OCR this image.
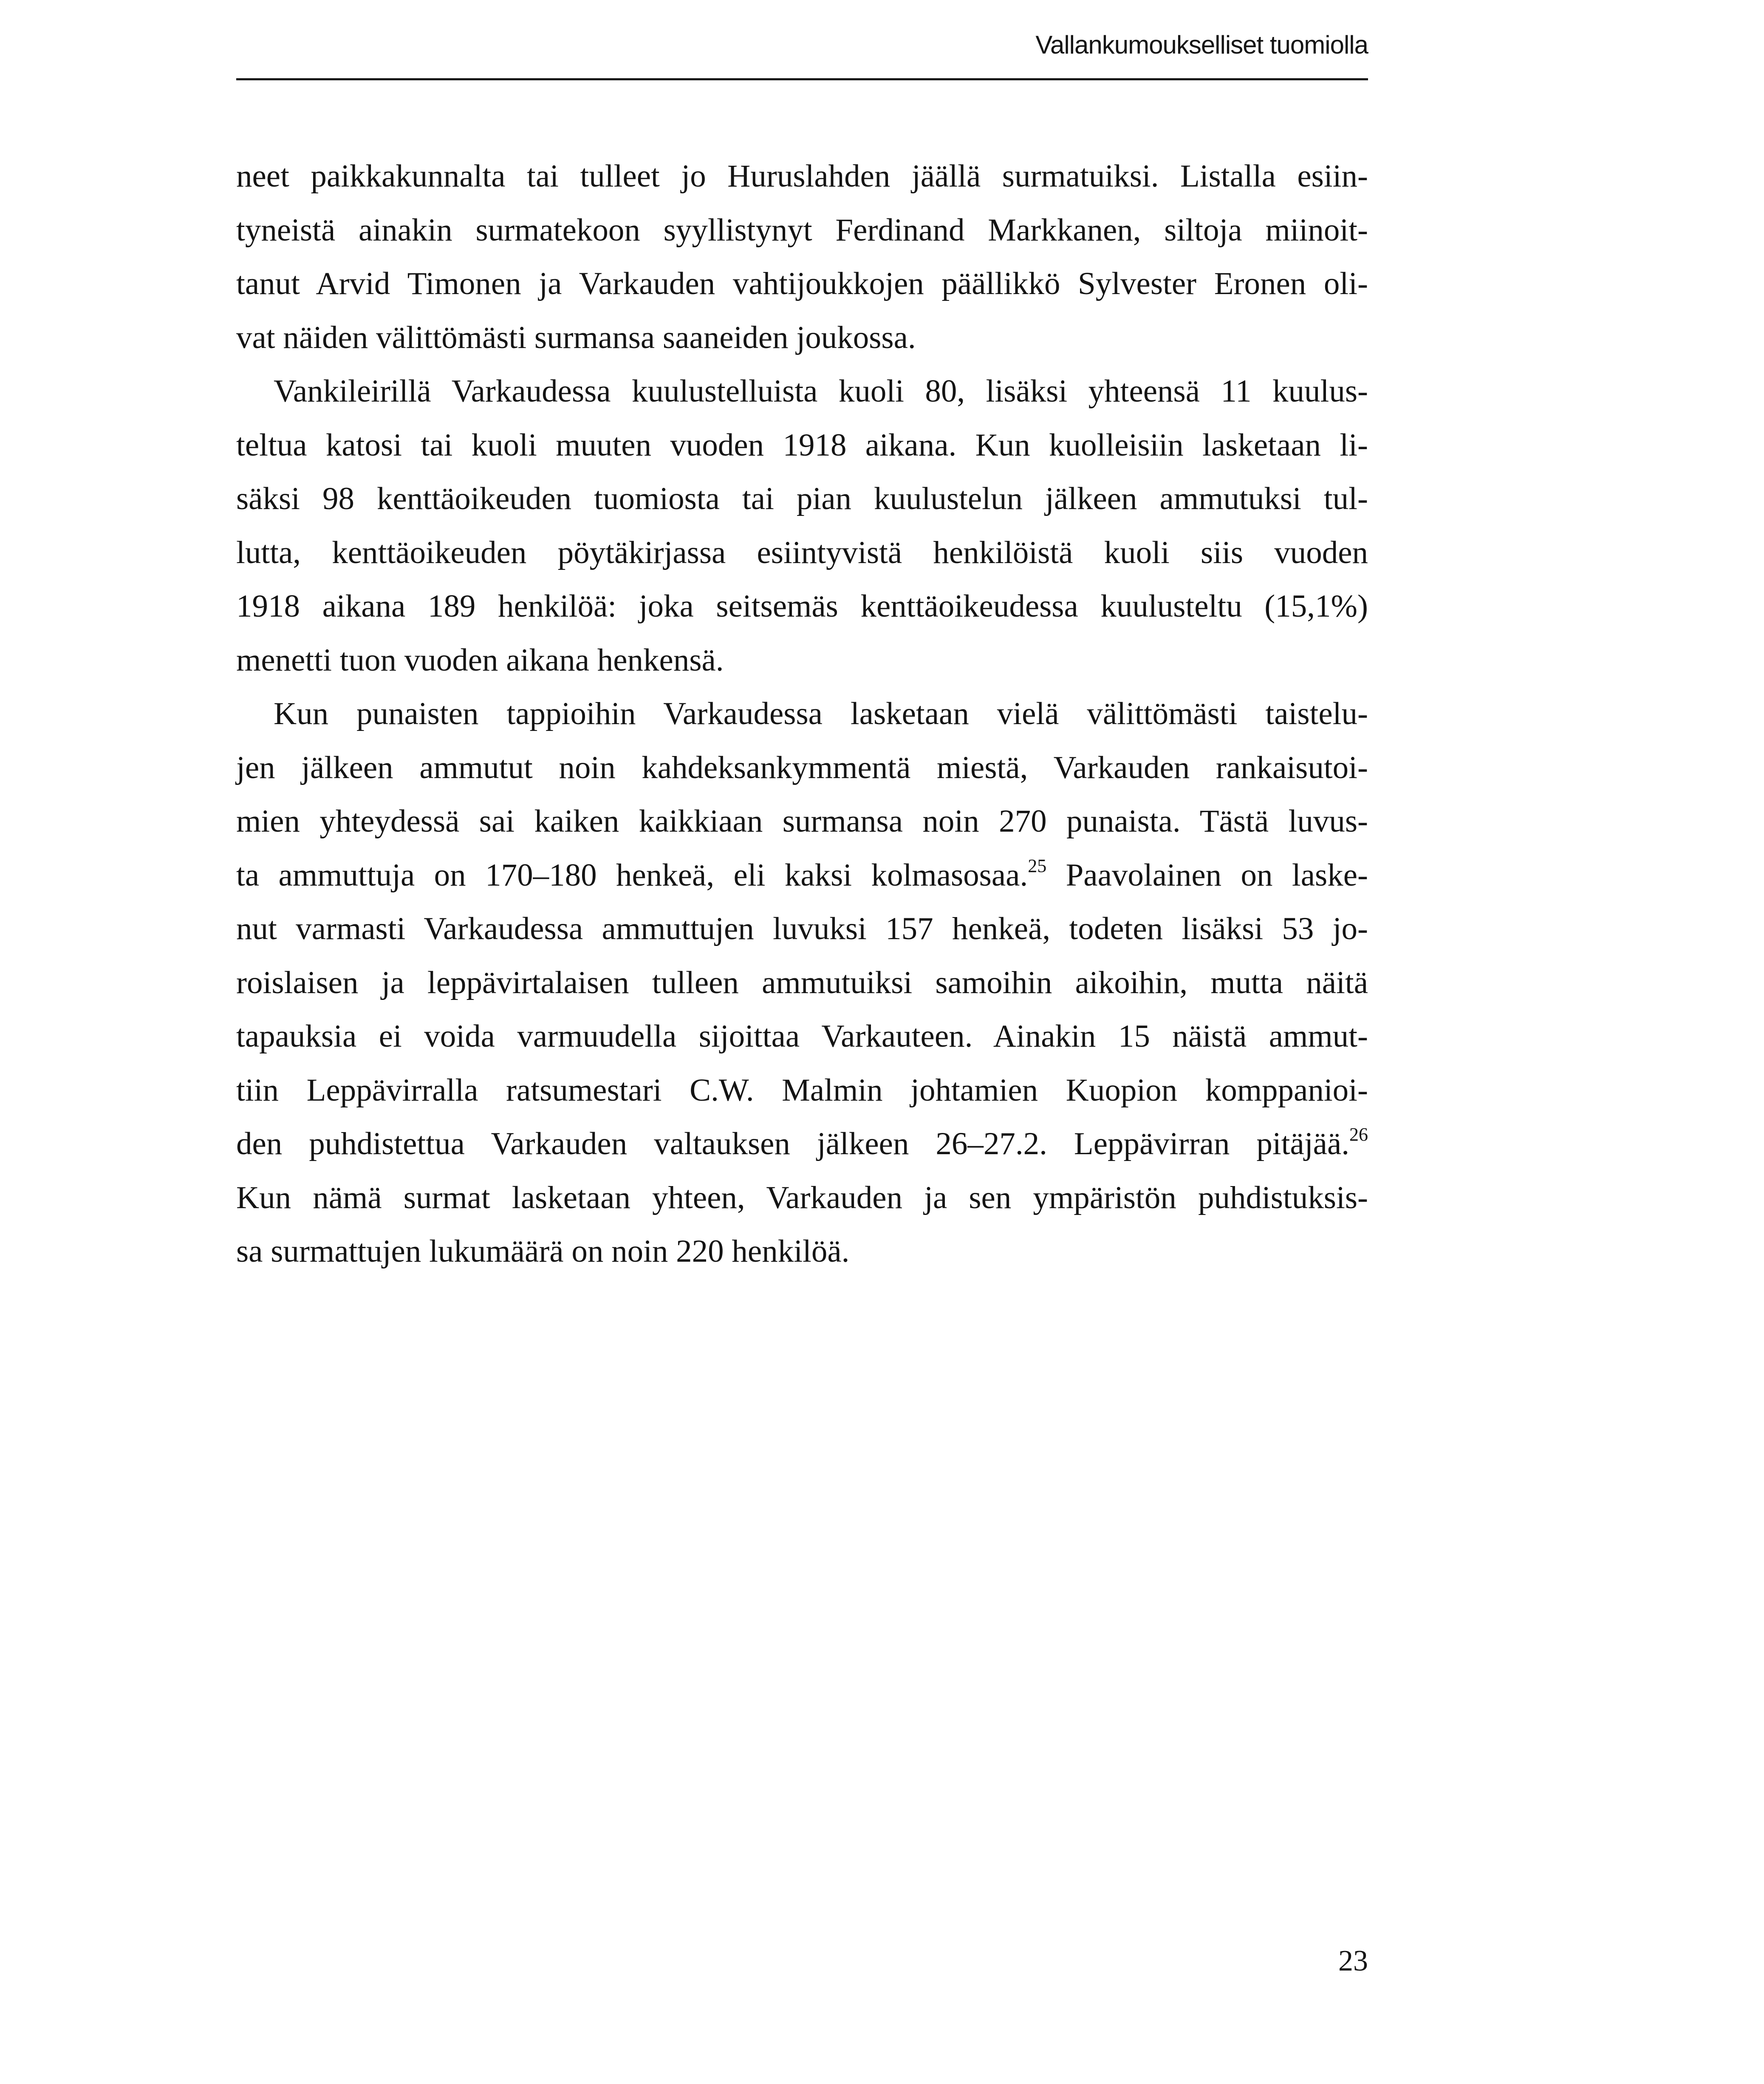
Vallankumoukselliset tuomiolla

neet paikkakunnalta tai tulleet jo Huruslahden jäällä surmatuiksi. Listalla esiin-
tyneistä ainakin surmatekoon syyllistynyt Ferdinand Markkanen, siltoja miinoit-
tanut Arvid Timonen ja Varkauden vahtijoukkojen päällikkö Sylvester Eronen oli-
vat näiden välittömästi surmansa saaneiden joukossa.

Vankileirillä Varkaudessa kuulustelluista kuoli 80, lisäksi yhteensä 11 kuulus-
teltua katosi tai kuoli muuten vuoden 1918 aikana. Kun kuolleisiin lasketaan li-
säksi 98 kenttäoikeuden tuomiosta tai pian kuulustelun jälkeen ammutuksi tul-
lutta, kenttäoikeuden pöytäkirjassa esiintyvistä henkilöistä kuoli siis vuoden
1918 aikana 189 henkilöä: joka seitsemäs kenttäoikeudessa kuulusteltu (15,1%)
menetti tuon vuoden aikana henkensä.

Kun punaisten tappioihin Varkaudessa lasketaan vielä välittömästi taistelu-
jen jälkeen ammutut noin kahdeksankymmentä miestä, Varkauden rankaisutoi-
mien yhteydessä sai kaiken kaikkiaan surmansa noin 270 punaista. Tästä luvus-
ta ammuttuja on 170–180 henkeä, eli kaksi kolmasosaa.$^{25}$ Paavolainen on laske-
nut varmasti Varkaudessa ammuttujen luvuksi 157 henkeä, todeten lisäksi 53 jo-
roislaisen ja leppävirtalaisen tulleen ammutuiksi samoihin aikoihin, mutta näitä
tapauksia ei voida varmuudella sijoittaa Varkauteen. Ainakin 15 näistä ammut-
tiin Leppävirralla ratsumestari C.W. Malmin johtamien Kuopion komppanioi-
den puhdistettua Varkauden valtauksen jälkeen 26–27.2. Leppävirran pitäjää.$^{26}$
Kun nämä surmat lasketaan yhteen, Varkauden ja sen ympäristön puhdistuksis-
sa surmattujen lukumäärä on noin 220 henkilöä.

23
